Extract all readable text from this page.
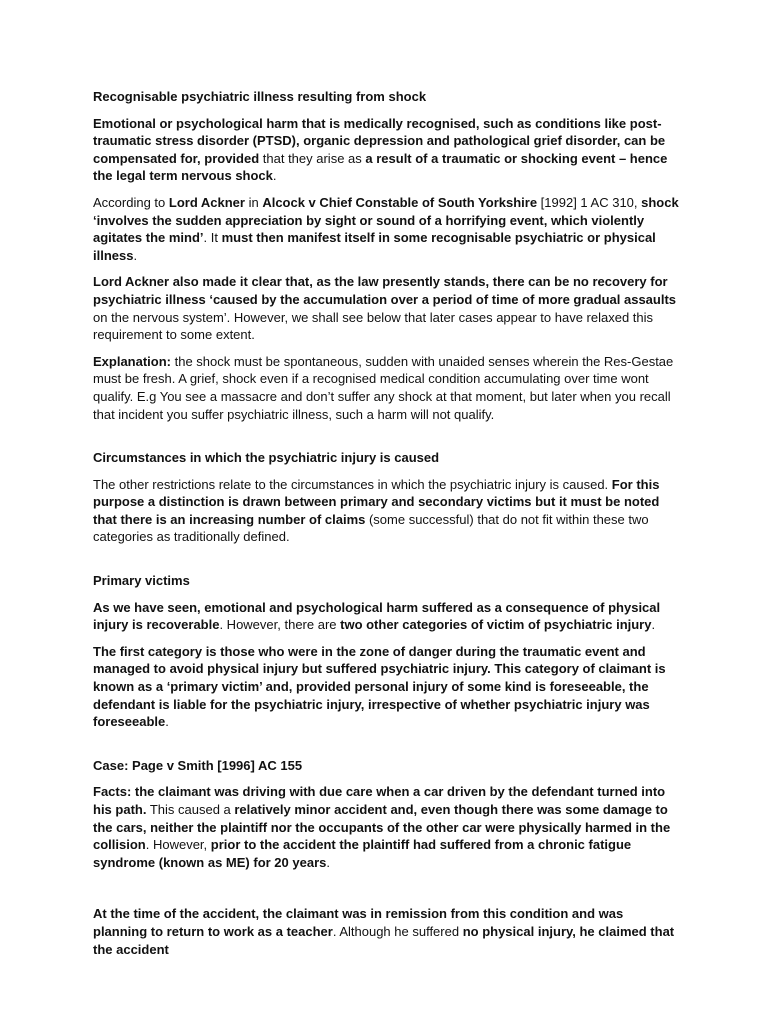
Recognisable psychiatric illness resulting from shock

Emotional or psychological harm that is medically recognised, such as conditions like post-traumatic stress disorder (PTSD), organic depression and pathological grief disorder, can be compensated for, provided that they arise as a result of a traumatic or shocking event – hence the legal term nervous shock.

According to Lord Ackner in Alcock v Chief Constable of South Yorkshire [1992] 1 AC 310, shock ‘involves the sudden appreciation by sight or sound of a horrifying event, which violently agitates the mind’. It must then manifest itself in some recognisable psychiatric or physical illness.

Lord Ackner also made it clear that, as the law presently stands, there can be no recovery for psychiatric illness ‘caused by the accumulation over a period of time of more gradual assaults on the nervous system’. However, we shall see below that later cases appear to have relaxed this requirement to some extent.

Explanation: the shock must be spontaneous, sudden with unaided senses wherein the Res-Gestae must be fresh. A grief, shock even if a recognised medical condition accumulating over time wont qualify. E.g You see a massacre and don’t suffer any shock at that moment, but later when you recall that incident you suffer psychiatric illness, such a harm will not qualify.

Circumstances in which the psychiatric injury is caused

The other restrictions relate to the circumstances in which the psychiatric injury is caused. For this purpose a distinction is drawn between primary and secondary victims but it must be noted that there is an increasing number of claims (some successful) that do not fit within these two categories as traditionally defined.

Primary victims

As we have seen, emotional and psychological harm suffered as a consequence of physical injury is recoverable. However, there are two other categories of victim of psychiatric injury.

The first category is those who were in the zone of danger during the traumatic event and managed to avoid physical injury but suffered psychiatric injury. This category of claimant is known as a ‘primary victim’ and, provided personal injury of some kind is foreseeable, the defendant is liable for the psychiatric injury, irrespective of whether psychiatric injury was foreseeable.

Case: Page v Smith [1996] AC 155

Facts: the claimant was driving with due care when a car driven by the defendant turned into his path. This caused a relatively minor accident and, even though there was some damage to the cars, neither the plaintiff nor the occupants of the other car were physically harmed in the collision. However, prior to the accident the plaintiff had suffered from a chronic fatigue syndrome (known as ME) for 20 years.

At the time of the accident, the claimant was in remission from this condition and was planning to return to work as a teacher. Although he suffered no physical injury, he claimed that the accident
